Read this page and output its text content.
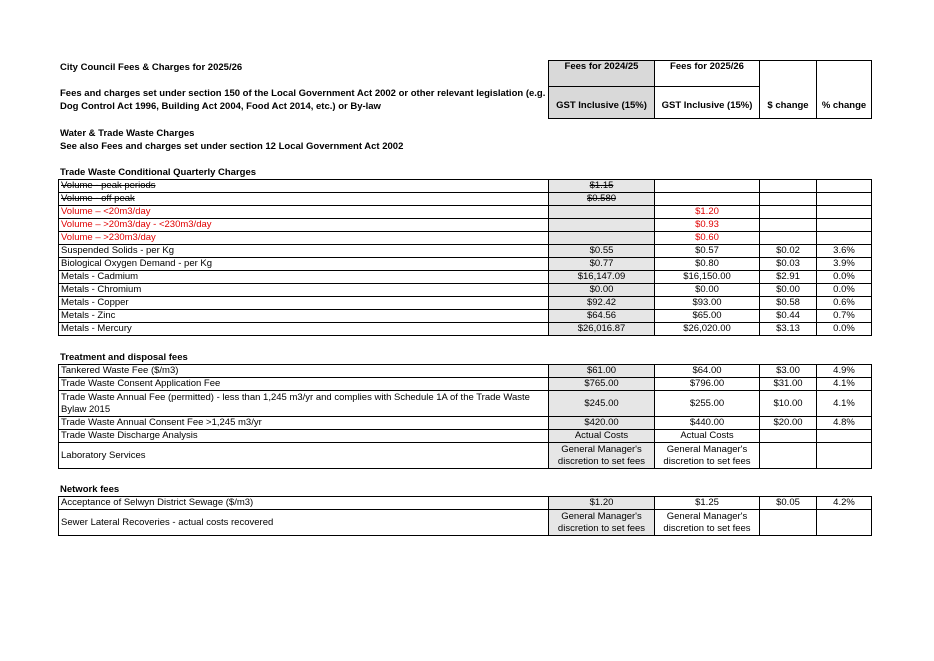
City Council Fees & Charges for 2025/26
Fees and charges set under section 150 of the Local Government Act 2002 or other relevant legislation (e.g.
Dog Control Act 1996, Building Act 2004, Food Act 2014, etc.) or By-law
Water & Trade Waste Charges
See also Fees and charges set under section 12 Local Government Act 2002
Fees for 2024/25	Fees for 2025/26	$ change	% change
GST Inclusive (15%)	GST Inclusive (15%)		
Trade Waste Conditional Quarterly Charges
Volume - peak periods	$1.15			
Volume - off peak	$0.580			
Volume – <20m3/day		$1.20		
Volume – >20m3/day - <230m3/day		$0.93		
Volume – >230m3/day		$0.60		
Suspended Solids - per Kg	$0.55	$0.57	$0.02	3.6%
Biological Oxygen Demand - per Kg	$0.77	$0.80	$0.03	3.9%
Metals - Cadmium	$16,147.09	$16,150.00	$2.91	0.0%
Metals - Chromium	$0.00	$0.00	$0.00	0.0%
Metals - Copper	$92.42	$93.00	$0.58	0.6%
Metals - Zinc	$64.56	$65.00	$0.44	0.7%
Metals - Mercury	$26,016.87	$26,020.00	$3.13	0.0%
Treatment and disposal fees
Tankered Waste Fee ($/m3)	$61.00	$64.00	$3.00	4.9%
Trade Waste Consent Application Fee	$765.00	$796.00	$31.00	4.1%
Trade Waste Annual Fee (permitted) - less than 1,245 m3/yr and complies with Schedule 1A of the Trade Waste Bylaw 2015	$245.00	$255.00	$10.00	4.1%
Trade Waste Annual Consent Fee >1,245 m3/yr	$420.00	$440.00	$20.00	4.8%
Trade Waste Discharge Analysis	Actual Costs	Actual Costs		
Laboratory Services	General Manager's discretion to set fees	General Manager's discretion to set fees		
Network fees
Acceptance of Selwyn District Sewage ($/m3)	$1.20	$1.25	$0.05	4.2%
Sewer Lateral Recoveries - actual costs recovered	General Manager's discretion to set fees	General Manager's discretion to set fees		
